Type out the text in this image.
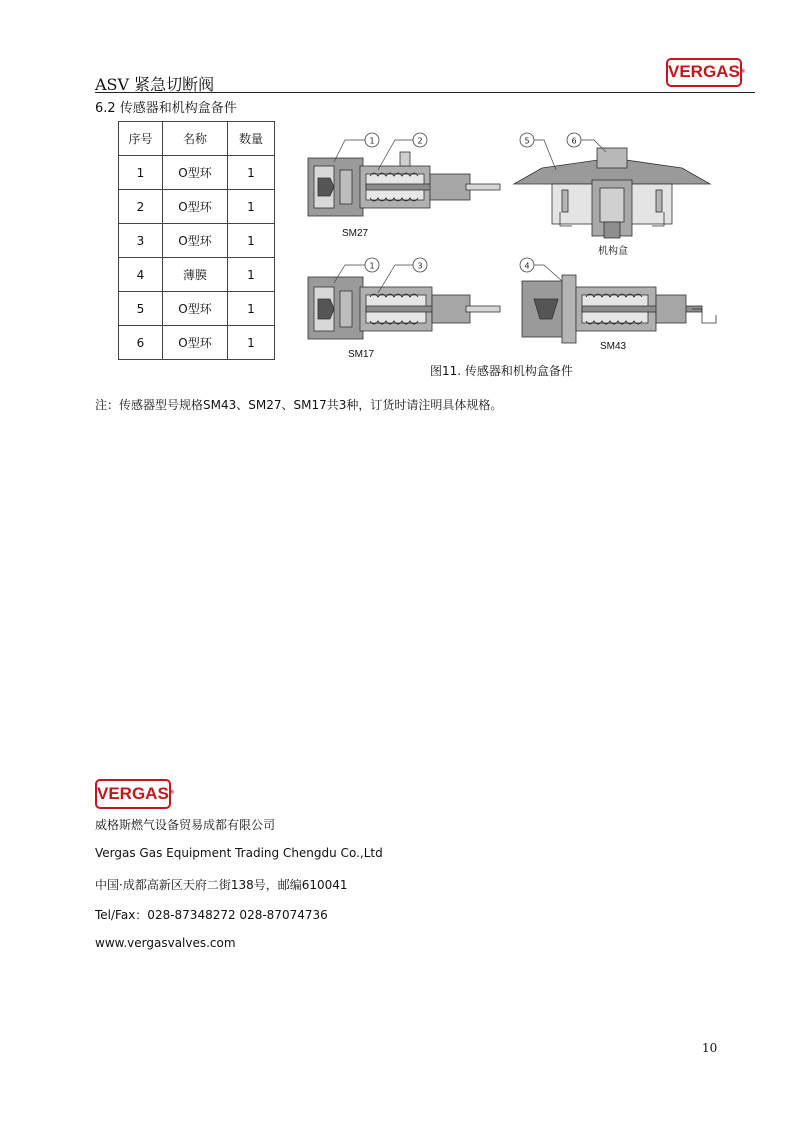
ASV 紧急切断阀
VERGAS®
6.2 传感器和机构盒备件
序号	名称	数量
1	O型环	1
2	O型环	1
3	O型环	1
4	薄膜	1
5	O型环	1
6	O型环	1
1	2
SM27
5	6
机构盒
1	3
SM17
4
SM43
图11. 传感器和机构盒备件
注：传感器型号规格SM43、SM27、SM17共3种，订货时请注明具体规格。
VERGAS®
威格斯燃气设备贸易成都有限公司
Vergas Gas Equipment Trading Chengdu Co.,Ltd
中国·成都高新区天府二街138号，邮编610041
Tel/Fax：028-87348272 028-87074736
www.vergasvalves.com
10
